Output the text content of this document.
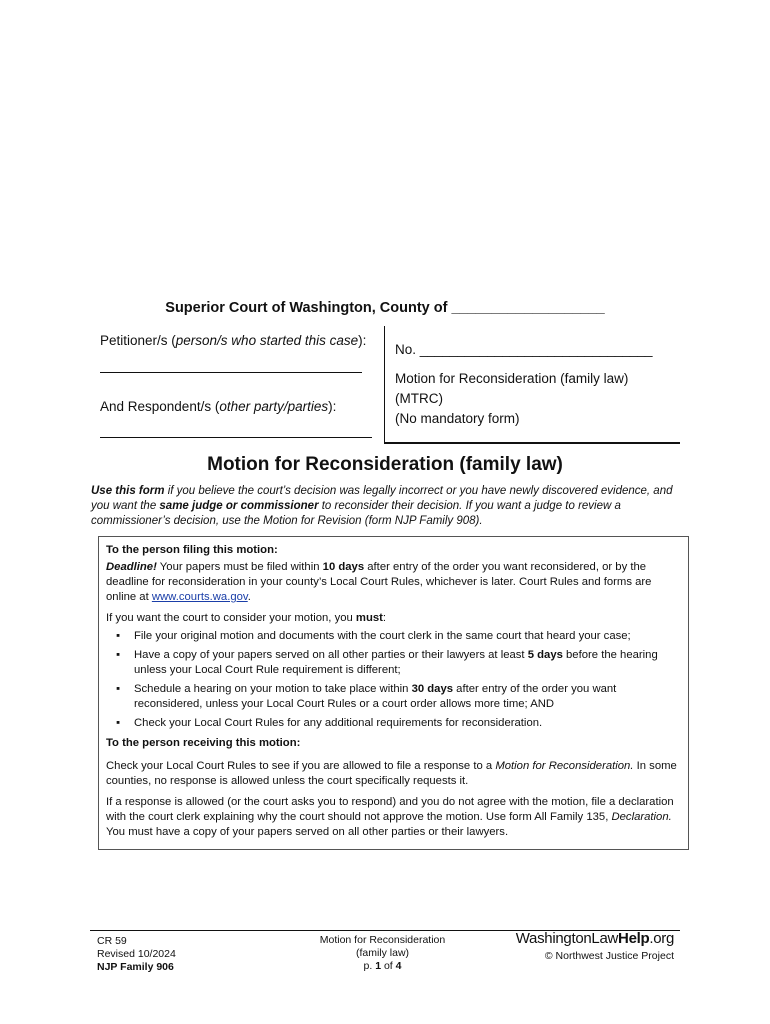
Superior Court of Washington, County of ___________________
Petitioner/s (person/s who started this case):
And Respondent/s (other party/parties):
No. _______________________________
Motion for Reconsideration (family law)
(MTRC)
(No mandatory form)
Motion for Reconsideration (family law)
Use this form if you believe the court’s decision was legally incorrect or you have newly discovered evidence, and you want the same judge or commissioner to reconsider their decision. If you want a judge to review a commissioner’s decision, use the Motion for Revision (form NJP Family 908).

To the person filing this motion:

Deadline! Your papers must be filed within 10 days after entry of the order you want reconsidered, or by the deadline for reconsideration in your county’s Local Court Rules, whichever is later. Court Rules and forms are online at www.courts.wa.gov.

If you want the court to consider your motion, you must:

▪ File your original motion and documents with the court clerk in the same court that heard your case;
▪ Have a copy of your papers served on all other parties or their lawyers at least 5 days before the hearing unless your Local Court Rule requirement is different;
▪ Schedule a hearing on your motion to take place within 30 days after entry of the order you want reconsidered, unless your Local Court Rules or a court order allows more time; AND
▪ Check your Local Court Rules for any additional requirements for reconsideration.

To the person receiving this motion:

Check your Local Court Rules to see if you are allowed to file a response to a Motion for Reconsideration. In some counties, no response is allowed unless the court specifically requests it.

If a response is allowed (or the court asks you to respond) and you do not agree with the motion, file a declaration with the court clerk explaining why the court should not approve the motion. Use form All Family 135, Declaration. You must have a copy of your papers served on all other parties or their lawyers.

CR 59
Revised 10/2024
NJP Family 906
Motion for Reconsideration
(family law)
p. 1 of 4
WashingtonLawHelp.org
© Northwest Justice Project
